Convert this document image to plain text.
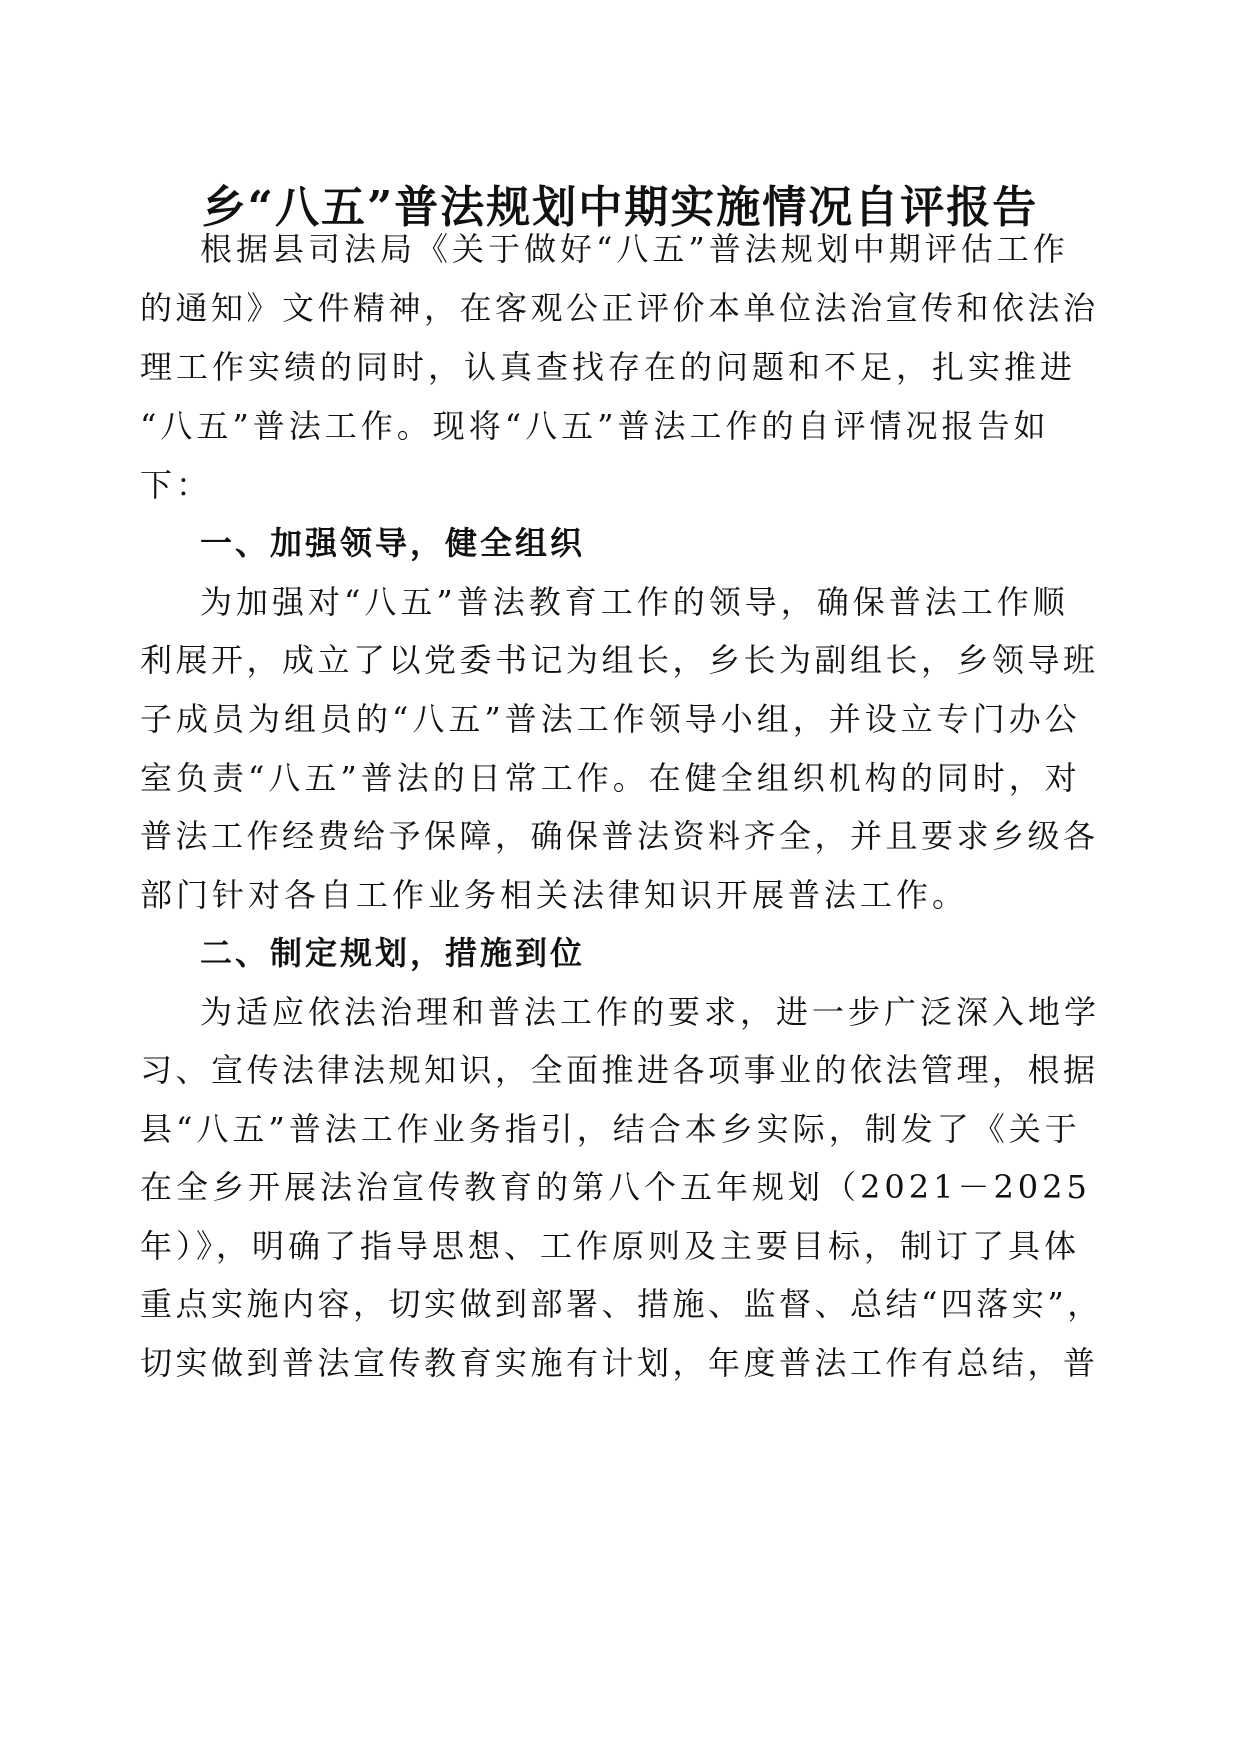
乡“八五”普法规划中期实施情况自评报告
根据县司法局《关于做好“八五”普法规划中期评估工作
的通知》文件精神，在客观公正评价本单位法治宣传和依法治
理工作实绩的同时，认真查找存在的问题和不足，扎实推进
“八五”普法工作。现将“八五”普法工作的自评情况报告如
下：
一、加强领导，健全组织
为加强对“八五”普法教育工作的领导，确保普法工作顺
利展开，成立了以党委书记为组长，乡长为副组长，乡领导班
子成员为组员的“八五”普法工作领导小组，并设立专门办公
室负责“八五”普法的日常工作。在健全组织机构的同时，对
普法工作经费给予保障，确保普法资料齐全，并且要求乡级各
部门针对各自工作业务相关法律知识开展普法工作。
二、制定规划，措施到位
为适应依法治理和普法工作的要求，进一步广泛深入地学
习、宣传法律法规知识，全面推进各项事业的依法管理，根据
县“八五”普法工作业务指引，结合本乡实际，制发了《关于
在全乡开展法治宣传教育的第八个五年规划（2021－2025
年）》，明确了指导思想、工作原则及主要目标，制订了具体
重点实施内容，切实做到部署、措施、监督、总结“四落实”，
切实做到普法宣传教育实施有计划，年度普法工作有总结，普
